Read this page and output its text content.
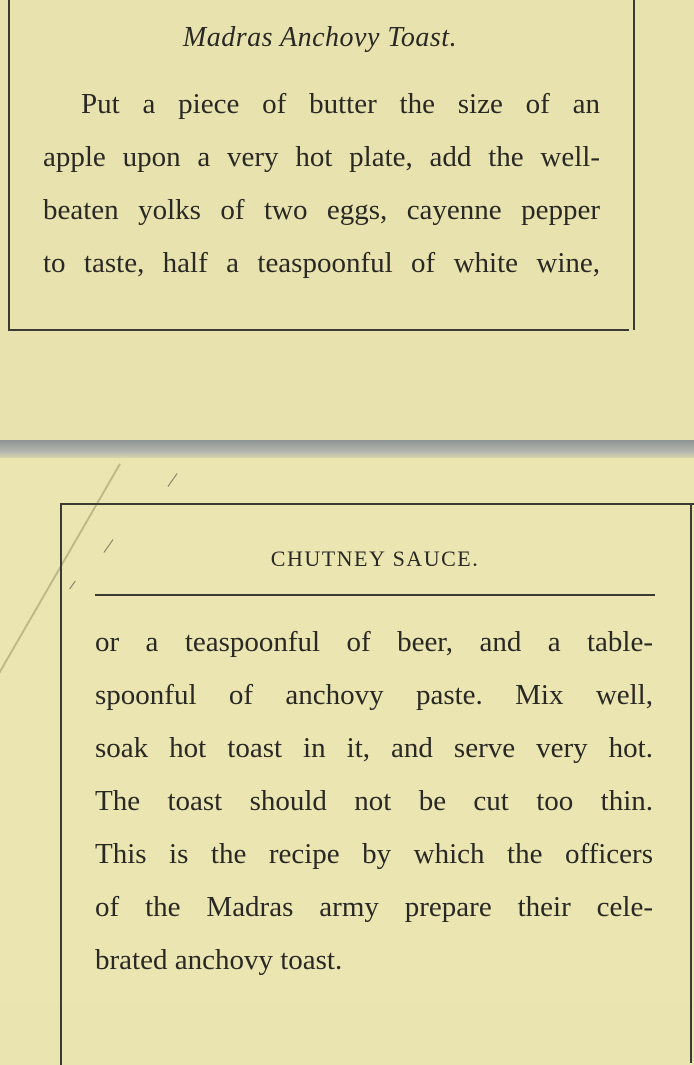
Madras Anchovy Toast.
Put a piece of butter the size of an
apple upon a very hot plate, add the well-
beaten yolks of two eggs, cayenne pepper
to taste, half a teaspoonful of white wine,
CHUTNEY SAUCE.
or a teaspoonful of beer, and a table-
spoonful of anchovy paste. Mix well,
soak hot toast in it, and serve very hot.
The toast should not be cut too thin.
This is the recipe by which the officers
of the Madras army prepare their cele-
brated anchovy toast.
